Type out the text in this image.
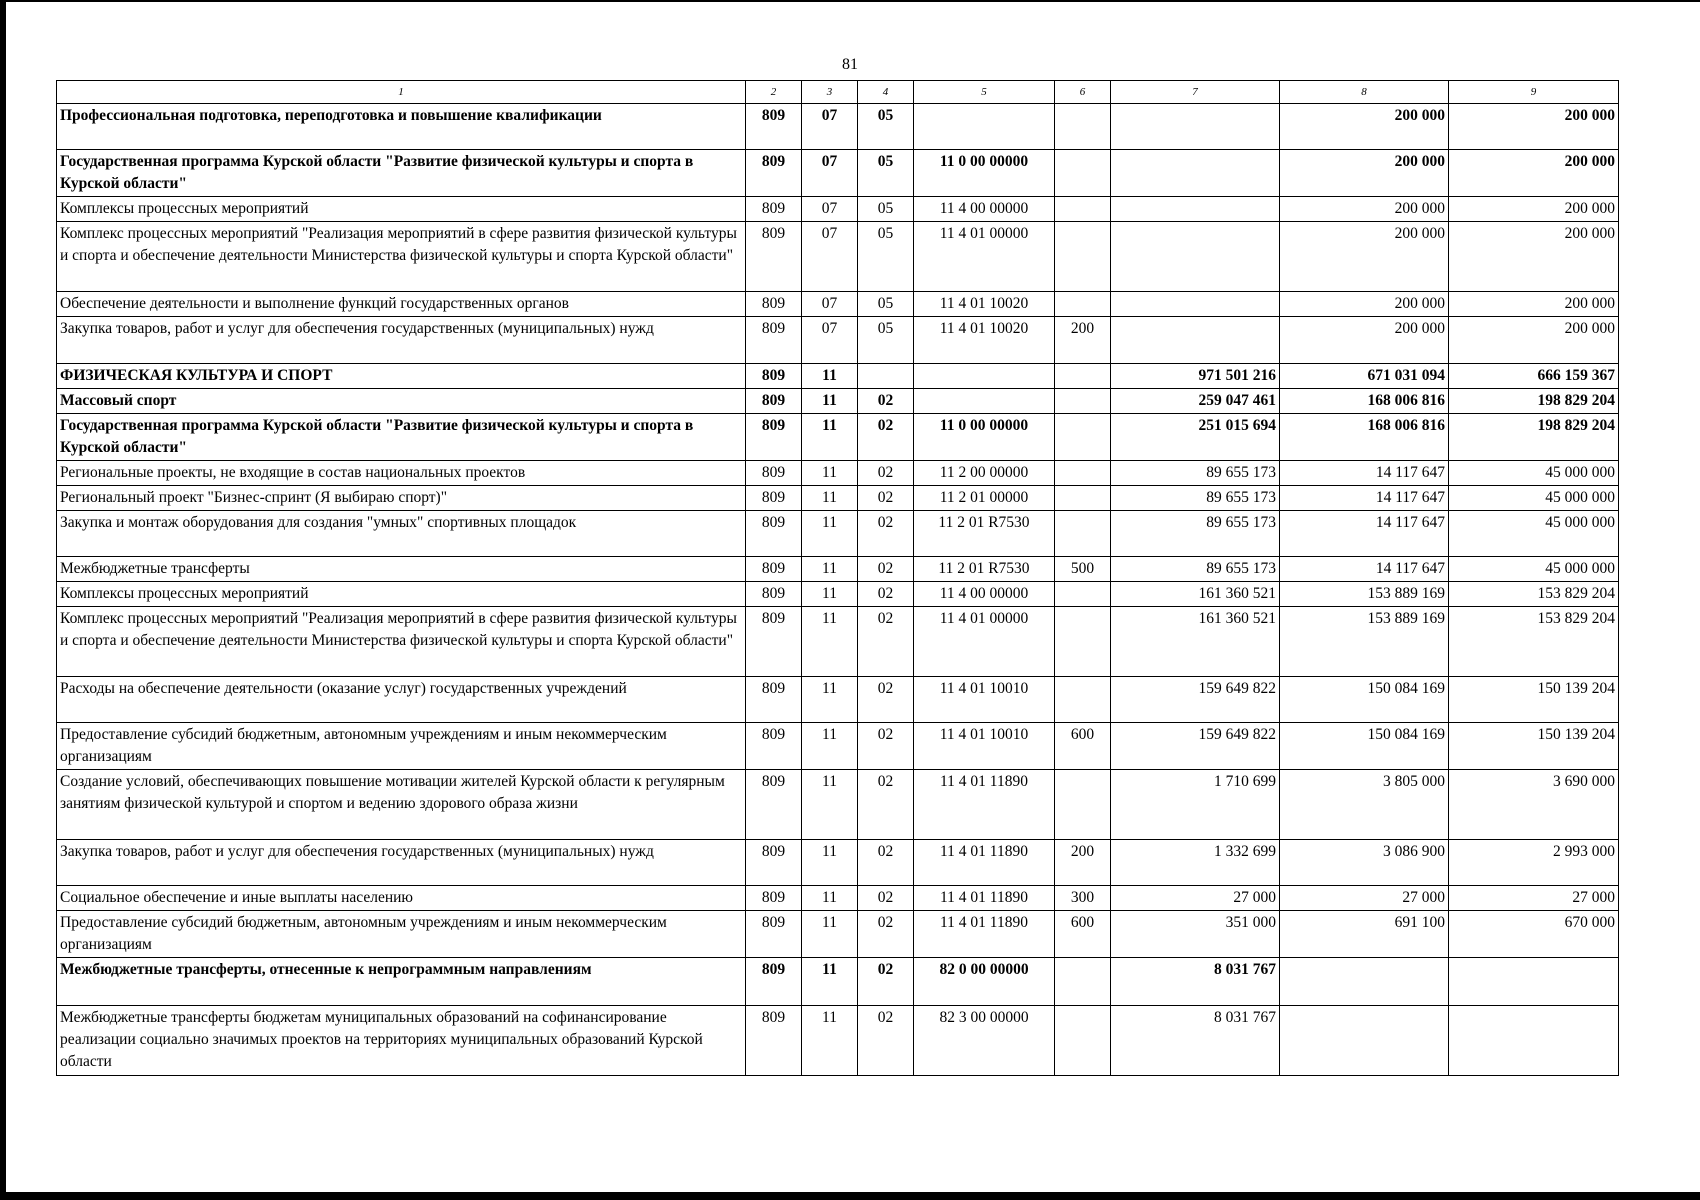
81
1	2	3	4	5	6	7	8	9
Профессиональная подготовка, переподготовка и повышение квалификации	809	07	05				200 000	200 000
Государственная программа Курской области "Развитие физической культуры и спорта в Курской области"	809	07	05	11 0 00 00000			200 000	200 000
Комплексы процессных мероприятий	809	07	05	11 4 00 00000			200 000	200 000
Комплекс процессных мероприятий "Реализация мероприятий в сфере развития физической культуры и спорта и обеспечение деятельности Министерства физической культуры и спорта Курской области"	809	07	05	11 4 01 00000			200 000	200 000
Обеспечение деятельности и выполнение функций государственных органов	809	07	05	11 4 01 10020			200 000	200 000
Закупка товаров, работ и услуг для обеспечения государственных (муниципальных) нужд	809	07	05	11 4 01 10020	200		200 000	200 000
ФИЗИЧЕСКАЯ КУЛЬТУРА И СПОРТ	809	11				971 501 216	671 031 094	666 159 367
Массовый спорт	809	11	02			259 047 461	168 006 816	198 829 204
Государственная программа Курской области "Развитие физической культуры и спорта в Курской области"	809	11	02	11 0 00 00000		251 015 694	168 006 816	198 829 204
Региональные проекты, не входящие в состав национальных проектов	809	11	02	11 2 00 00000		89 655 173	14 117 647	45 000 000
Региональный проект "Бизнес-спринт (Я выбираю спорт)"	809	11	02	11 2 01 00000		89 655 173	14 117 647	45 000 000
Закупка и монтаж оборудования для создания "умных" спортивных площадок	809	11	02	11 2 01 R7530		89 655 173	14 117 647	45 000 000
Межбюджетные трансферты	809	11	02	11 2 01 R7530	500	89 655 173	14 117 647	45 000 000
Комплексы процессных мероприятий	809	11	02	11 4 00 00000		161 360 521	153 889 169	153 829 204
Комплекс процессных мероприятий "Реализация мероприятий в сфере развития физической культуры и спорта и обеспечение деятельности Министерства физической культуры и спорта Курской области"	809	11	02	11 4 01 00000		161 360 521	153 889 169	153 829 204
Расходы на обеспечение деятельности (оказание услуг) государственных учреждений	809	11	02	11 4 01 10010		159 649 822	150 084 169	150 139 204
Предоставление субсидий бюджетным, автономным учреждениям и иным некоммерческим организациям	809	11	02	11 4 01 10010	600	159 649 822	150 084 169	150 139 204
Создание условий, обеспечивающих повышение мотивации жителей Курской области к регулярным занятиям физической культурой и спортом и ведению здорового образа жизни	809	11	02	11 4 01 11890		1 710 699	3 805 000	3 690 000
Закупка товаров, работ и услуг для обеспечения государственных (муниципальных) нужд	809	11	02	11 4 01 11890	200	1 332 699	3 086 900	2 993 000
Социальное обеспечение и иные выплаты населению	809	11	02	11 4 01 11890	300	27 000	27 000	27 000
Предоставление субсидий бюджетным, автономным учреждениям и иным некоммерческим организациям	809	11	02	11 4 01 11890	600	351 000	691 100	670 000
Межбюджетные трансферты, отнесенные к непрограммным направлениям	809	11	02	82 0 00 00000		8 031 767		
Межбюджетные трансферты бюджетам муниципальных образований на софинансирование реализации социально значимых проектов на территориях муниципальных образований Курской области	809	11	02	82 3 00 00000		8 031 767		
